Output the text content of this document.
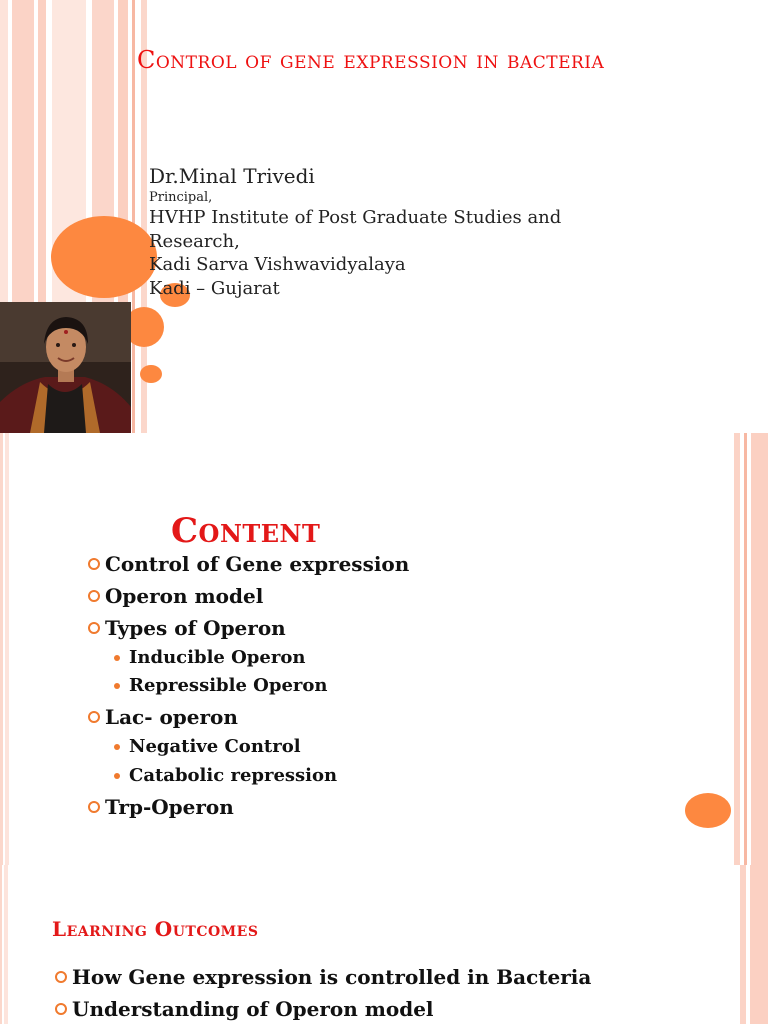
Control of gene expression in bacteria
Dr.Minal Trivedi
Principal,
HVHP Institute of Post Graduate Studies and
Research,
Kadi Sarva Vishwavidyalaya
Kadi – Gujarat
Content
Control of Gene expression
Operon model
Types of Operon
Inducible Operon
Repressible Operon
Lac- operon
Negative Control
Catabolic repression
Trp-Operon
Learning Outcomes
How Gene expression is controlled in Bacteria
Understanding of Operon model
